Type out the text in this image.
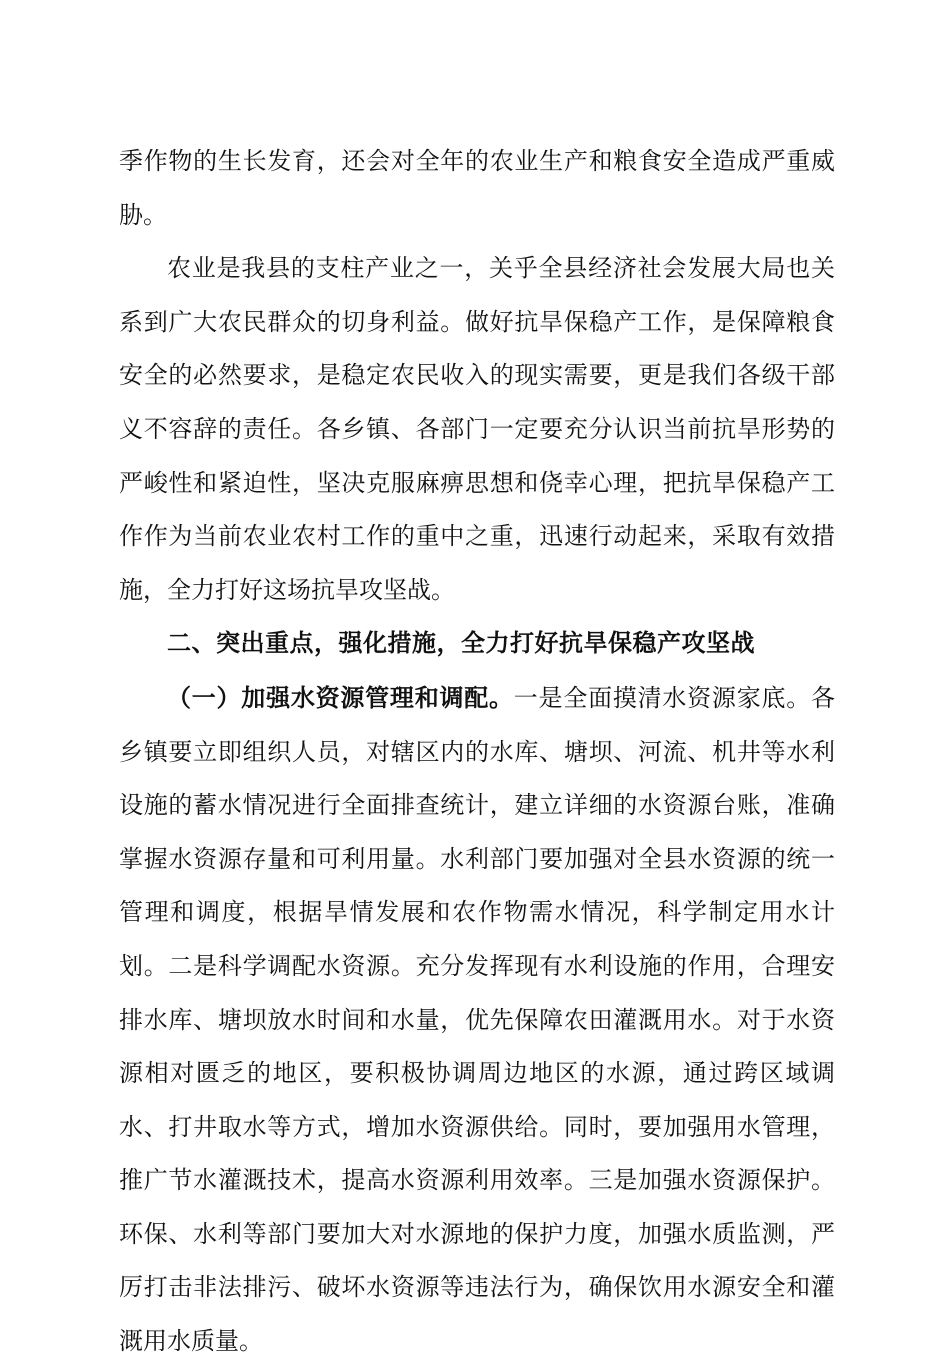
季作物的生长发育，还会对全年的农业生产和粮食安全造成严重威胁。

农业是我县的支柱产业之一，关乎全县经济社会发展大局也关系到广大农民群众的切身利益。做好抗旱保稳产工作，是保障粮食安全的必然要求，是稳定农民收入的现实需要，更是我们各级干部义不容辞的责任。各乡镇、各部门一定要充分认识当前抗旱形势的严峻性和紧迫性，坚决克服麻痹思想和侥幸心理，把抗旱保稳产工作作为当前农业农村工作的重中之重，迅速行动起来，采取有效措施，全力打好这场抗旱攻坚战。

二、突出重点，强化措施，全力打好抗旱保稳产攻坚战

（一）加强水资源管理和调配。一是全面摸清水资源家底。各乡镇要立即组织人员，对辖区内的水库、塘坝、河流、机井等水利设施的蓄水情况进行全面排查统计，建立详细的水资源台账，准确掌握水资源存量和可利用量。水利部门要加强对全县水资源的统一管理和调度，根据旱情发展和农作物需水情况，科学制定用水计划。二是科学调配水资源。充分发挥现有水利设施的作用，合理安排水库、塘坝放水时间和水量，优先保障农田灌溉用水。对于水资源相对匮乏的地区，要积极协调周边地区的水源，通过跨区域调水、打井取水等方式，增加水资源供给。同时，要加强用水管理，推广节水灌溉技术，提高水资源利用效率。三是加强水资源保护。环保、水利等部门要加大对水源地的保护力度，加强水质监测，严厉打击非法排污、破坏水资源等违法行为，确保饮用水源安全和灌溉用水质量。
